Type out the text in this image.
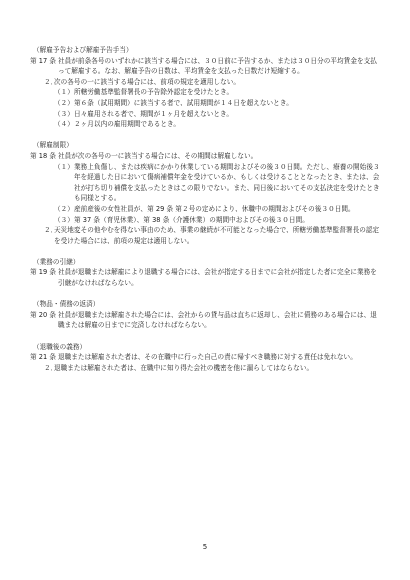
（解雇予告および解雇予告手当）
第 17 条 社員が前条各号のいずれかに該当する場合には、３０日前に予告するか、または３０日分の平均賃金を支払って解雇する。なお、解雇予告の日数は、平均賃金を支払った日数だけ短縮する。
２．
次の各号の一に該当する場合には、前項の規定を適用しない。
（１） 所轄労働基準監督署長の予告除外認定を受けたとき。
（２） 第６条（試用期間）に該当する者で、試用期間が１４日を超えないとき。
（３） 日々雇用される者で、期間が１ヶ月を超えないとき。
（４） ２ヶ月以内の雇用期間であるとき。
（解雇制限）
第 18 条 社員が次の各号の一に該当する場合には、その期間は解雇しない。
（１） 業務上負傷し、または疾病にかかり休業している期間およびその後３０日間。ただし、療養の開始後３年を経過した日において傷病補償年金を受けているか、もしくは受けることとなったとき、または、会社が打ち切り補償を支払ったときはこの限りでない。また、同日後においてその支払決定を受けたときも同様とする。
（２） 産前産後の女性社員が、第 29 条 第２号の定めにより、休職中の期間およびその後３０日間。
（３） 第 37 条（育児休業）、第 38 条（介護休業）の期間中およびその後３０日間。
２．
天災地変その他やむを得ない事由のため、事業の継続が不可能となった場合で、所轄労働基準監督署長の認定を受けた場合には、前項の規定は適用しない。
（業務の引継）
第 19 条 社員が退職または解雇により退職する場合には、会社が指定する日までに会社が指定した者に完全に業務を引継がなければならない。
（物品・債務の返済）
第 20 条 社員が退職または解雇された場合には、会社からの貸与品は直ちに返却し、会社に債務のある場合には、退職または解雇の日までに完済しなければならない。
（退職後の義務）
第 21 条 退職または解雇された者は、その在職中に行った自己の責に帰すべき職務に対する責任は免れない。
２．
退職または解雇された者は、在職中に知り得た会社の機密を他に漏らしてはならない。
5
